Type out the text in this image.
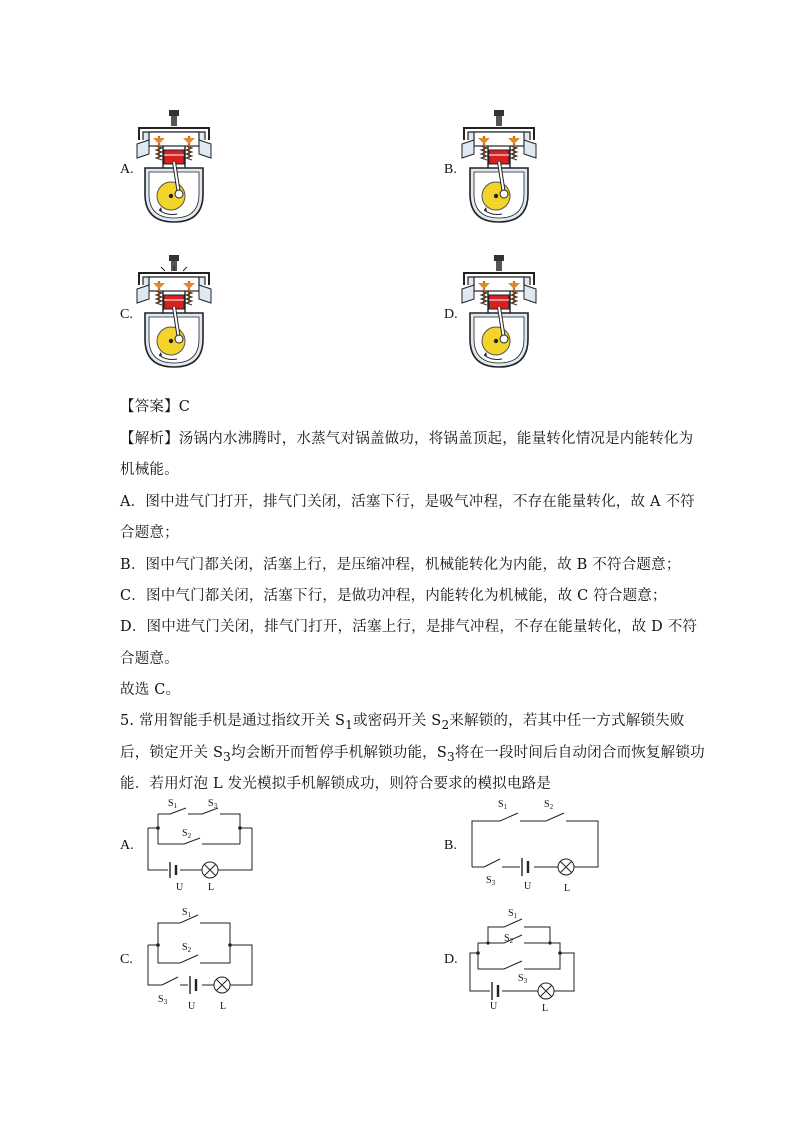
A.	B.
C.	D.
【答案】C
【解析】汤锅内水沸腾时，水蒸气对锅盖做功，将锅盖顶起，能量转化情况是内能转化为
机械能。
A．图中进气门打开，排气门关闭，活塞下行，是吸气冲程，不存在能量转化，故 A 不符
合题意；
B．图中气门都关闭，活塞上行，是压缩冲程，机械能转化为内能，故 B 不符合题意；
C．图中气门都关闭，活塞下行，是做功冲程，内能转化为机械能，故 C 符合题意；
D．图中进气门关闭，排气门打开，活塞上行，是排气冲程，不存在能量转化，故 D 不符
合题意。
故选 C。
5. 常用智能手机是通过指纹开关 $S_1$或密码开关 $S_2$来解锁的，若其中任一方式解锁失败
后，锁定开关 $S_3$均会断开而暂停手机解锁功能，$S_3$将在一段时间后自动闭合而恢复解锁功
能．若用灯泡 L 发光模拟手机解锁成功，则符合要求的模拟电路是
A.
$S_1$	$S_3$
$S_2$
U L
B.
$S_1$	$S_2$
$S_3$	U	L
C.
$S_1$
$S_2$
$S_3$ U L
D.
$S_1$
$S_2$
$S_3$
U	L
